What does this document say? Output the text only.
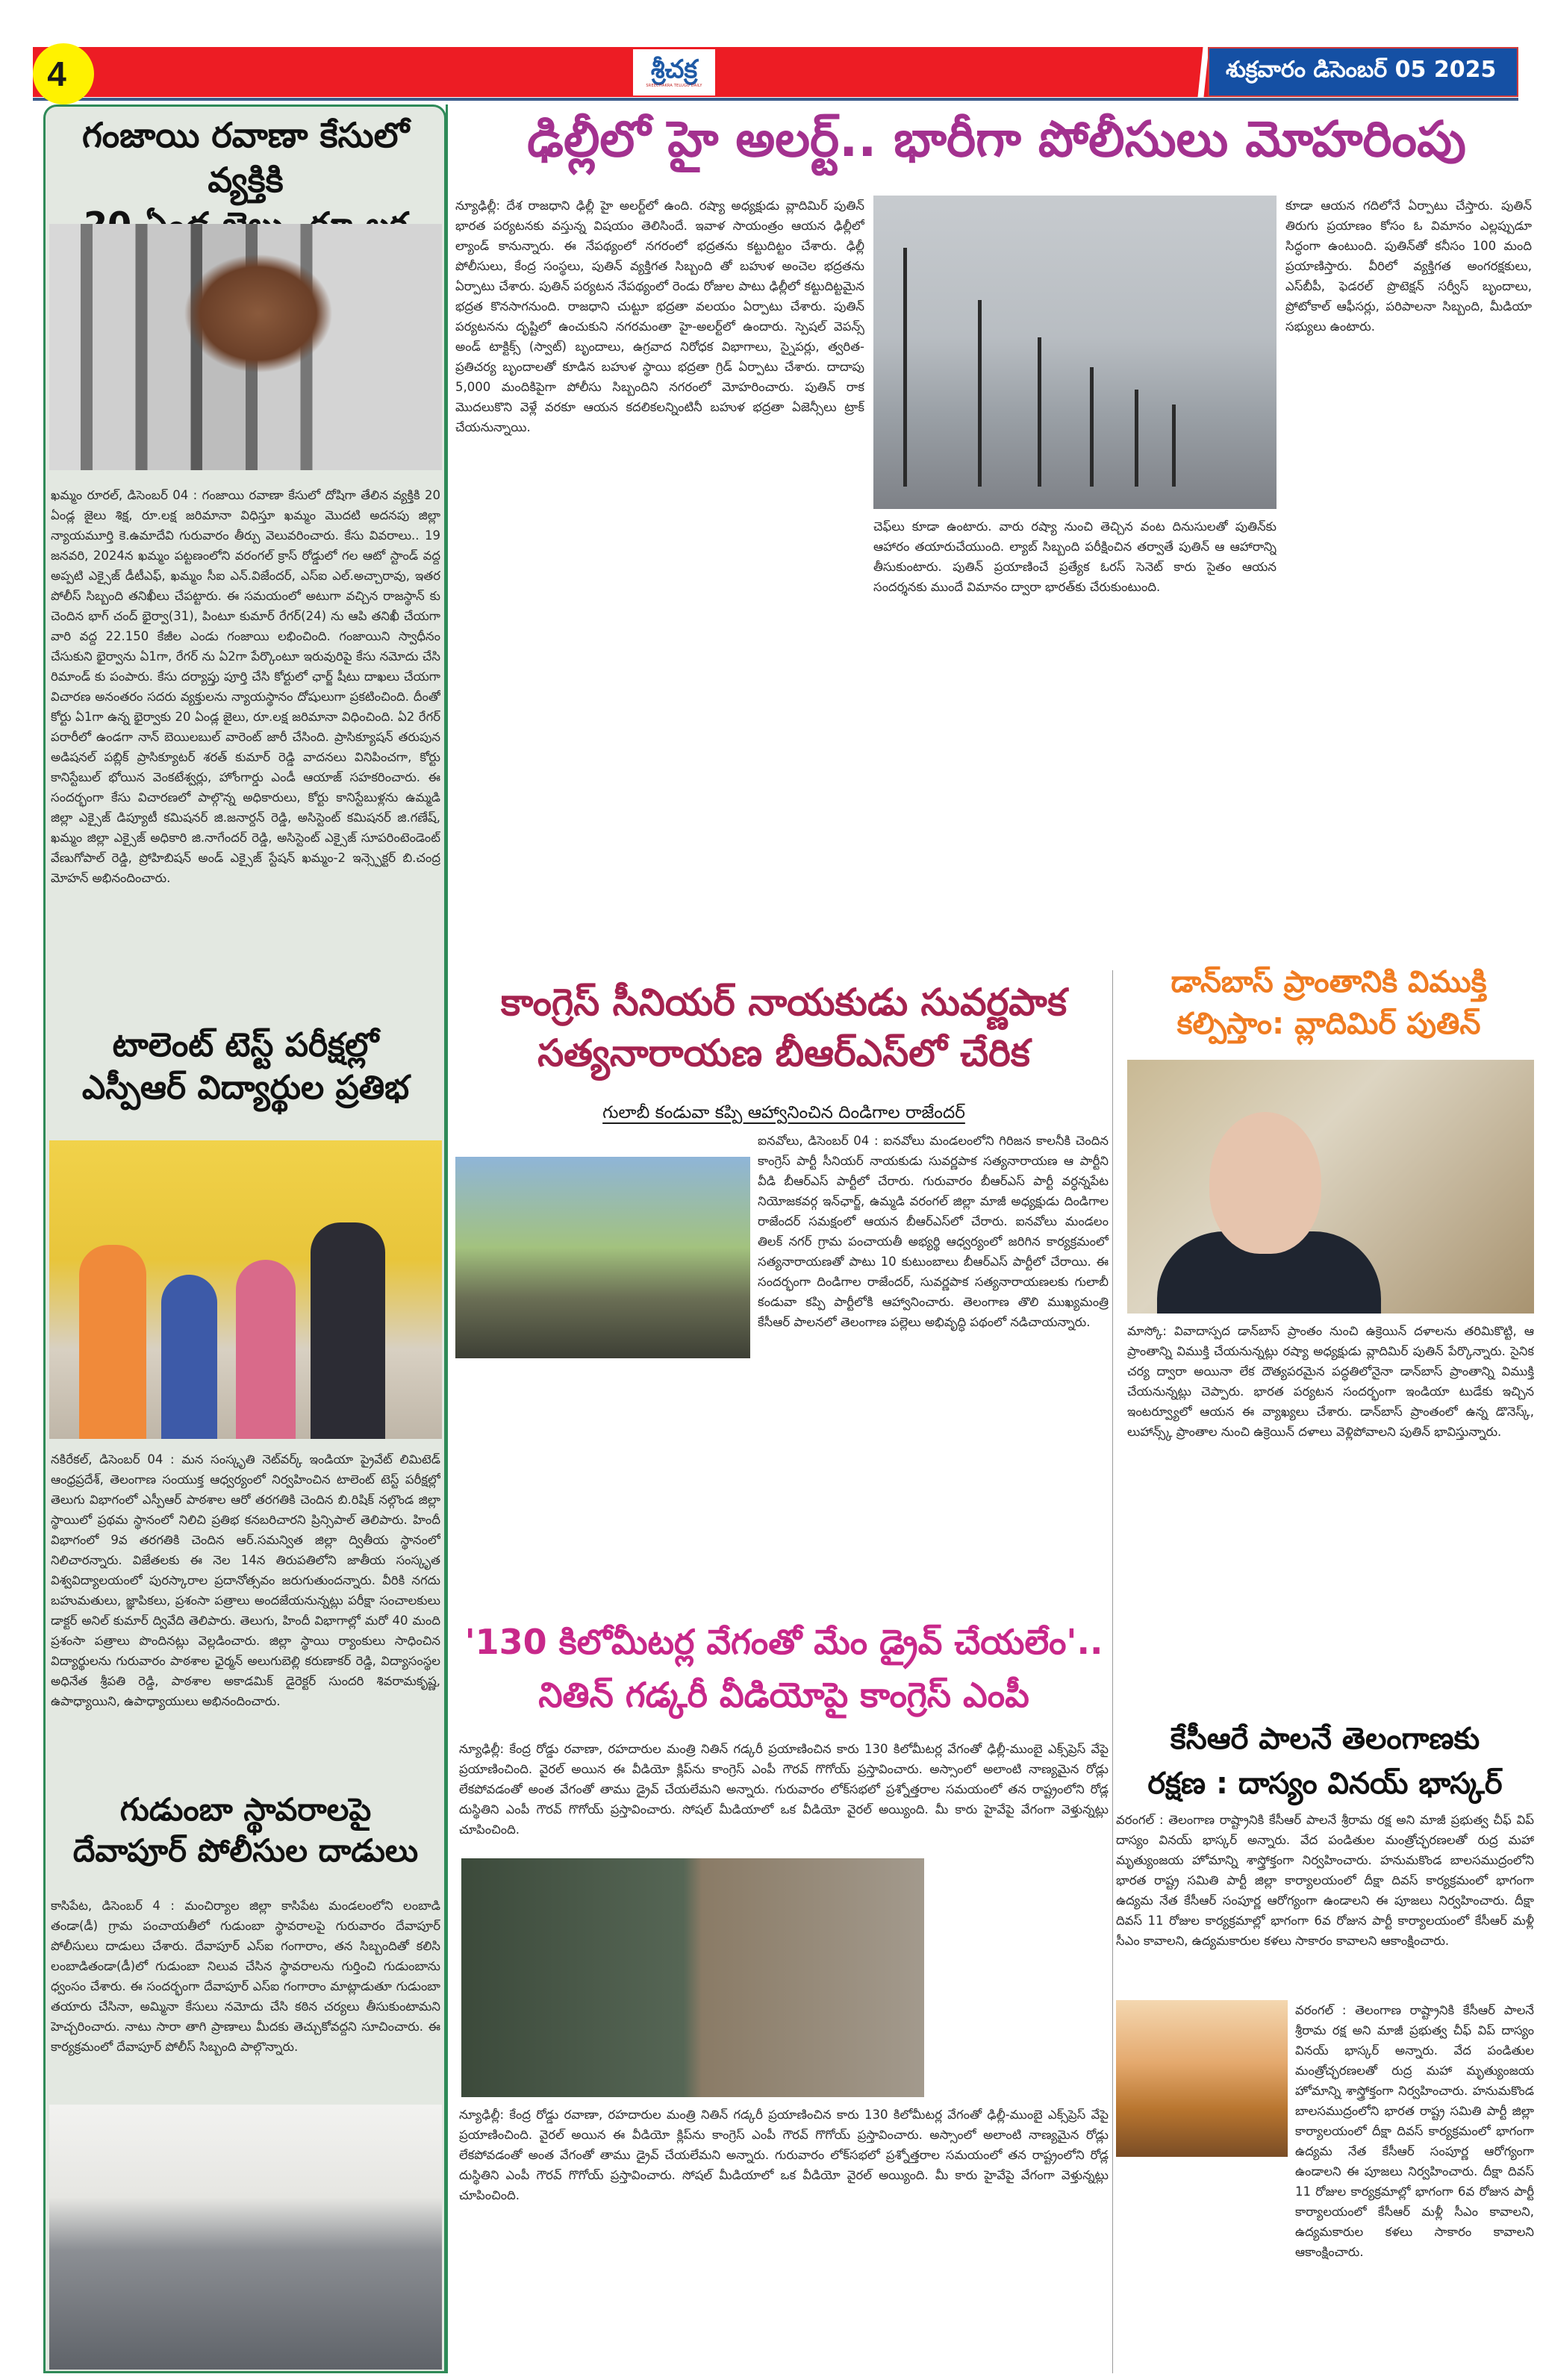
4	శ్రీచక్ర
SREECHAKRA TELUGU DAILY
శుక్రవారం డిసెంబర్ 05 2025
గంజాయి రవాణా కేసులో వ్యక్తికి
ఖమ్మం రూరల్, డిసెంబర్ 04 : గంజాయి రవాణా కేసులో దోషిగా తేలిన వ్యక్తికి 20 ఏండ్ల జైలు శిక్ష, రూ.లక్ష జరిమానా విధిస్తూ ఖమ్మం మొదటి అదనపు జిల్లా న్యాయమూర్తి కె.ఉమాదేవి గురువారం తీర్పు వెలువరించారు. కేసు వివరాలు.. 19 జనవరి, 2024న ఖమ్మం పట్టణంలోని వరంగల్ క్రాస్ రోడ్డులో గల ఆటో స్టాండ్ వద్ద అప్పటి ఎక్సైజ్ డీటీఎఫ్, ఖమ్మం సీఐ ఎన్.విజేందర్, ఎస్ఐ ఎల్.అచ్చారావు, ఇతర పోలీస్ సిబ్బంది తనిఖీలు చేపట్టారు. ఈ సమయంలో అటుగా వచ్చిన రాజస్థాన్ కు చెందిన భాగ్ చంద్ భైర్వా(31), పింటూ కుమార్ రేగర్(24) ను ఆపి తనిఖీ చేయగా వారి వద్ద 22.150 కేజీల ఎండు గంజాయి లభించింది. గంజాయిని స్వాధీనం చేసుకుని భైర్వాను ఏ1గా, రేగర్ ను ఏ2గా పేర్కొంటూ ఇరువురిపై కేసు నమోదు చేసి రిమాండ్ కు పంపారు. కేసు దర్యాప్తు పూర్తి చేసి కోర్టులో ఛార్జ్ షీటు దాఖలు చేయగా విచారణ అనంతరం సదరు వ్యక్తులను న్యాయస్థానం దోషులుగా ప్రకటించింది. దీంతో కోర్టు ఏ1గా ఉన్న భైర్వాకు 20 ఏండ్ల జైలు, రూ.లక్ష జరిమానా విధించింది. ఏ2 రేగర్ పరారీలో ఉండగా నాన్ బెయిలబుల్ వారెంట్ జారీ చేసింది. ప్రాసిక్యూషన్ తరుపున అడిషనల్ పబ్లిక్ ప్రాసిక్యూటర్ శరత్ కుమార్ రెడ్డి వాదనలు వినిపించగా, కోర్టు కానిస్టేబుల్ భోయిన వెంకటేశ్వర్లు, హోంగార్డు ఎండీ ఆయాజ్ సహకరించారు. ఈ సందర్భంగా కేసు విచారణలో పాల్గొన్న అధికారులు, కోర్టు కానిస్టేబుళ్లను ఉమ్మడి జిల్లా ఎక్సైజ్ డిప్యూటీ కమిషనర్ జి.జనార్దన్ రెడ్డి, అసిస్టెంట్ కమిషనర్ జి.గణేష్, ఖమ్మం జిల్లా ఎక్సైజ్ అధికారి జి.నాగేందర్ రెడ్డి, అసిస్టెంట్ ఎక్సైజ్ సూపరింటెండెంట్ వేణుగోపాల్ రెడ్డి, ప్రోహిబిషన్ అండ్ ఎక్సైజ్ స్టేషన్ ఖమ్మం-2 ఇన్స్పెక్టర్ బి.చంద్ర మోహన్ అభినందించారు.
టాలెంట్ టెస్ట్ పరీక్షల్లో
ఎస్పీఆర్ విద్యార్థుల ప్రతిభ
నకిరేకల్, డిసెంబర్ 04 : మన సంస్కృతి నెట్‌వర్క్ ఇండియా ప్రైవేట్ లిమిటెడ్ ఆంధ్రప్రదేశ్, తెలంగాణ సంయుక్త ఆధ్వర్యంలో నిర్వహించిన టాలెంట్ టెస్ట్ పరీక్షల్లో తెలుగు విభాగంలో ఎస్పీఆర్ పాఠశాల ఆరో తరగతికి చెందిన బి.రిషిక్ నల్గొండ జిల్లా స్థాయిలో ప్రథమ స్థానంలో నిలిచి ప్రతిభ కనబరిచారని ప్రిన్సిపాల్ తెలిపారు. హిందీ విభాగంలో 9వ తరగతికి చెందిన ఆర్.సమన్విత జిల్లా ద్వితీయ స్థానంలో నిలిచారన్నారు. విజేతలకు ఈ నెల 14న తిరుపతిలోని జాతీయ సంస్కృత విశ్వవిద్యాలయంలో పురస్కారాల ప్రదానోత్సవం జరుగుతుందన్నారు. వీరికి నగదు బహుమతులు, జ్ఞాపికలు, ప్రశంసా పత్రాలు అందజేయనున్నట్లు పరీక్షా సంచాలకులు డాక్టర్ అనిల్ కుమార్ ద్వివేది తెలిపారు. తెలుగు, హిందీ విభాగాల్లో మరో 40 మంది ప్రశంసా పత్రాలు పొందినట్లు వెల్లడించారు. జిల్లా స్థాయి ర్యాంకులు సాధించిన విద్యార్థులను గురువారం పాఠశాల ఛైర్మన్ అలుగుబెల్లి కరుణాకర్ రెడ్డి, విద్యాసంస్థల అధినేత శ్రీపతి రెడ్డి, పాఠశాల అకాడమిక్ డైరెక్టర్ సుందరి శివరామకృష్ణ, ఉపాధ్యాయిని, ఉపాధ్యాయులు అభినందించారు.
గుడుంబా స్థావరాలపై
దేవాపూర్ పోలీసుల దాడులు
కాసిపేట, డిసెంబర్ 4 : మంచిర్యాల జిల్లా కాసిపేట మండలంలోని లంబాడి తండా(డీ) గ్రామ పంచాయతీలో గుడుంబా స్థావరాలపై గురువారం దేవాపూర్ పోలీసులు దాడులు చేశారు. దేవాపూర్ ఎస్ఐ గంగారాం, తన సిబ్బందితో కలిసి లంబాడితండా(డీ)లో గుడుంబా నిలువ చేసిన స్థావరాలను గుర్తించి గుడుంబాను ధ్వంసం చేశారు. ఈ సందర్భంగా దేవాపూర్ ఎస్ఐ గంగారాం మాట్లాడుతూ గుడుంబా తయారు చేసినా, అమ్మినా కేసులు నమోదు చేసి కఠిన చర్యలు తీసుకుంటామని హెచ్చరించారు. నాటు సారా తాగి ప్రాణాలు మీదకు తెచ్చుకోవద్దని సూచించారు. ఈ కార్యక్రమంలో దేవాపూర్ పోలీస్ సిబ్బంది పాల్గొన్నారు.
ఢిల్లీలో హై అలర్ట్.. భారీగా పోలీసులు మోహరింపు
న్యూఢిల్లీ: దేశ రాజధాని ఢిల్లీ హై అలర్ట్‌లో ఉంది. రష్యా అధ్యక్షుడు వ్లాదిమిర్ పుతిన్ భారత పర్యటనకు వస్తున్న విషయం తెలిసిందే. ఇవాళ సాయంత్రం ఆయన ఢిల్లీలో ల్యాండ్ కానున్నారు. ఈ నేపథ్యంలో నగరంలో భద్రతను కట్టుదిట్టం చేశారు. ఢిల్లీ పోలీసులు, కేంద్ర సంస్థలు, పుతిన్ వ్యక్తిగత సిబ్బంది తో బహుళ అంచెల భద్రతను ఏర్పాటు చేశారు. పుతిన్ పర్యటన నేపథ్యంలో రెండు రోజుల పాటు ఢిల్లీలో కట్టుదిట్టమైన భద్రత కొనసాగనుంది. రాజధాని చుట్టూ భద్రతా వలయం ఏర్పాటు చేశారు. పుతిన్ పర్యటనను దృష్టిలో ఉంచుకుని నగరమంతా హై-అలర్ట్‌లో ఉందారు. స్పెషల్ వెపన్స్ అండ్ టాక్టిక్స్ (స్వాట్) బృందాలు, ఉగ్రవాద నిరోధక విభాగాలు, స్నైపర్లు, త్వరిత-ప్రతిచర్య బృందాలతో కూడిన బహుళ స్థాయి భద్రతా గ్రిడ్ ఏర్పాటు చేశారు. దాదాపు 5,000 మందికిపైగా పోలీసు సిబ్బందిని నగరంలో మోహరించారు. పుతిన్ రాక మొదలుకొని వెళ్లే వరకూ ఆయన కదలికలన్నింటినీ బహుళ భద్రతా ఏజెన్సీలు ట్రాక్ చేయనున్నాయి.
చెఫ్‌లు కూడా ఉంటారు. వారు రష్యా నుంచి తెచ్చిన వంట దినుసులతో పుతిన్‌కు ఆహారం తయారుచేయుంది. ల్యాబ్ సిబ్బంది పరీక్షించిన తర్వాతే పుతిన్ ఆ ఆహారాన్ని తీసుకుంటారు. పుతిన్ ప్రయాణించే ప్రత్యేక ఓరస్ సెనెట్ కారు సైతం ఆయన సందర్శనకు ముందే విమానం ద్వారా భారత్‌కు చేరుకుంటుంది.
కూడా ఆయన గదిలోనే ఏర్పాటు చేస్తారు. పుతిన్ తిరుగు ప్రయాణం కోసం ఓ విమానం ఎల్లప్పుడూ సిద్ధంగా ఉంటుంది. పుతిన్‌తో కనీసం 100 మంది ప్రయాణిస్తారు. వీరిలో వ్యక్తిగత అంగరక్షకులు, ఎస్‌బీపీ, ఫెడరల్ ప్రొటెక్షన్ సర్వీస్ బృందాలు, ప్రోటోకాల్ ఆఫీసర్లు, పరిపాలనా సిబ్బంది, మీడియా సభ్యులు ఉంటారు.
కాంగ్రెస్ సీనియర్ నాయకుడు సువర్ణపాక
సత్యనారాయణ బీఆర్ఎస్‌లో చేరిక
గులాబీ కండువా కప్పి ఆహ్వానించిన దిండిగాల రాజేందర్
ఐనవోలు, డిసెంబర్ 04 : ఐనవోలు మండలంలోని గిరిజన కాలనీకి చెందిన కాంగ్రెస్ పార్టీ సీనియర్ నాయకుడు సువర్ణపాక సత్యనారాయణ ఆ పార్టీని వీడి బీఆర్‌ఎస్ పార్టీలో చేరారు. గురువారం బీఆర్‌ఎస్ పార్టీ వర్ధన్నపేట నియోజకవర్గ ఇన్‌ఛార్జ్, ఉమ్మడి వరంగల్ జిల్లా మాజీ అధ్యక్షుడు దిండిగాల రాజేందర్ సమక్షంలో ఆయన బీఆర్‌ఎస్‌లో చేరారు. ఐనవోలు మండలం తిలక్ నగర్ గ్రామ పంచాయతీ అభ్యర్థి ఆధ్వర్యంలో జరిగిన కార్యక్రమంలో సత్యనారాయణతో పాటు 10 కుటుంబాలు బీఆర్‌ఎస్ పార్టీలో చేరాయి. ఈ సందర్భంగా దిండిగాల రాజేందర్, సువర్ణపాక సత్యనారాయణలకు గులాబీ కండువా కప్పి పార్టీలోకి ఆహ్వానించారు. తెలంగాణ తొలి ముఖ్యమంత్రి కేసీఆర్ పాలనలో తెలంగాణ పల్లెలు అభివృద్ధి పథంలో నడిచాయన్నారు.
డాన్‌బాస్ ప్రాంతానికి విముక్తి
కల్పిస్తాం: వ్లాదిమిర్ పుతిన్
మాస్కో: వివాదాస్పద డాన్‌బాస్ ప్రాంతం నుంచి ఉక్రెయిన్ దళాలను తరిమికొట్టి, ఆ ప్రాంతాన్ని విముక్తి చేయనున్నట్లు రష్యా అధ్యక్షుడు వ్లాదిమిర్ పుతిన్ పేర్కొన్నారు. సైనిక చర్య ద్వారా అయినా లేక దౌత్యపరమైన పద్ధతిలోనైనా డాన్‌బాస్ ప్రాంతాన్ని విముక్తి చేయనున్నట్లు చెప్పారు. భారత పర్యటన సందర్భంగా ఇండియా టుడేకు ఇచ్చిన ఇంటర్వ్యూలో ఆయన ఈ వ్యాఖ్యలు చేశారు. డాన్‌బాస్ ప్రాంతంలో ఉన్న డొనెస్క్, లుహాన్స్క్ ప్రాంతాల నుంచి ఉక్రెయిన్ దళాలు వెళ్లిపోవాలని పుతిన్ భావిస్తున్నారు.
'130 కిలోమీటర్ల వేగంతో మేం డ్రైవ్ చేయలేం'..
నితిన్ గడ్కరీ వీడియోపై కాంగ్రెస్ ఎంపీ
న్యూఢిల్లీ: కేంద్ర రోడ్డు రవాణా, రహదారుల మంత్రి నితిన్ గడ్కరీ ప్రయాణించిన కారు 130 కిలోమీటర్ల వేగంతో ఢిల్లీ-ముంబై ఎక్స్‌ప్రెస్ వేపై ప్రయాణించింది. వైరల్ అయిన ఈ వీడియో క్లిప్‌ను కాంగ్రెస్ ఎంపీ గౌరవ్ గొగోయ్ ప్రస్తావించారు. అస్సాంలో అలాంటి నాణ్యమైన రోడ్లు లేకపోవడంతో అంత వేగంతో తాము డ్రైవ్ చేయలేమని అన్నారు. గురువారం లోక్‌సభలో ప్రశ్నోత్తరాల సమయంలో తన రాష్ట్రంలోని రోడ్ల దుస్థితిని ఎంపీ గౌరవ్ గొగోయ్ ప్రస్తావించారు. సోషల్ మీడియాలో ఒక వీడియో వైరల్ అయ్యింది. మీ కారు హైవేపై వేగంగా వెళ్తున్నట్లు చూపించింది.
న్యూఢిల్లీ: కేంద్ర రోడ్డు రవాణా, రహదారుల మంత్రి నితిన్ గడ్కరీ ప్రయాణించిన కారు 130 కిలోమీటర్ల వేగంతో ఢిల్లీ-ముంబై ఎక్స్‌ప్రెస్ వేపై ప్రయాణించింది. వైరల్ అయిన ఈ వీడియో క్లిప్‌ను కాంగ్రెస్ ఎంపీ గౌరవ్ గొగోయ్ ప్రస్తావించారు. అస్సాంలో అలాంటి నాణ్యమైన రోడ్లు లేకపోవడంతో అంత వేగంతో తాము డ్రైవ్ చేయలేమని అన్నారు. గురువారం లోక్‌సభలో ప్రశ్నోత్తరాల సమయంలో తన రాష్ట్రంలోని రోడ్ల దుస్థితిని ఎంపీ గౌరవ్ గొగోయ్ ప్రస్తావించారు. సోషల్ మీడియాలో ఒక వీడియో వైరల్ అయ్యింది. మీ కారు హైవేపై వేగంగా వెళ్తున్నట్లు చూపించింది.
కేసీఆరే పాలనే తెలంగాణకు
రక్షణ : దాస్యం వినయ్ భాస్కర్
వరంగల్ : తెలంగాణ రాష్ట్రానికి కేసీఆర్ పాలనే శ్రీరామ రక్ష అని మాజీ ప్రభుత్వ చీఫ్ విప్ దాస్యం వినయ్ భాస్కర్ అన్నారు. వేద పండితుల మంత్రోచ్ఛరణలతో రుద్ర మహా మృత్యుంజయ హోమాన్ని శాస్త్రోక్తంగా నిర్వహించారు. హనుమకొండ బాలసముద్రంలోని భారత రాష్ట్ర సమితి పార్టీ జిల్లా కార్యాలయంలో దీక్షా దివస్ కార్యక్రమంలో భాగంగా ఉద్యమ నేత కేసీఆర్ సంపూర్ణ ఆరోగ్యంగా ఉండాలని ఈ పూజలు నిర్వహించారు. దీక్షా దివస్ 11 రోజుల కార్యక్రమాల్లో భాగంగా 6వ రోజున పార్టీ కార్యాలయంలో కేసీఆర్ మళ్లీ సీఎం కావాలని, ఉద్యమకారుల కళలు సాకారం కావాలని ఆకాంక్షించారు.
వరంగల్ : తెలంగాణ రాష్ట్రానికి కేసీఆర్ పాలనే శ్రీరామ రక్ష అని మాజీ ప్రభుత్వ చీఫ్ విప్ దాస్యం వినయ్ భాస్కర్ అన్నారు. వేద పండితుల మంత్రోచ్ఛరణలతో రుద్ర మహా మృత్యుంజయ హోమాన్ని శాస్త్రోక్తంగా నిర్వహించారు. హనుమకొండ బాలసముద్రంలోని భారత రాష్ట్ర సమితి పార్టీ జిల్లా కార్యాలయంలో దీక్షా దివస్ కార్యక్రమంలో భాగంగా ఉద్యమ నేత కేసీఆర్ సంపూర్ణ ఆరోగ్యంగా ఉండాలని ఈ పూజలు నిర్వహించారు. దీక్షా దివస్ 11 రోజుల కార్యక్రమాల్లో భాగంగా 6వ రోజున పార్టీ కార్యాలయంలో కేసీఆర్ మళ్లీ సీఎం కావాలని, ఉద్యమకారుల కళలు సాకారం కావాలని ఆకాంక్షించారు.
